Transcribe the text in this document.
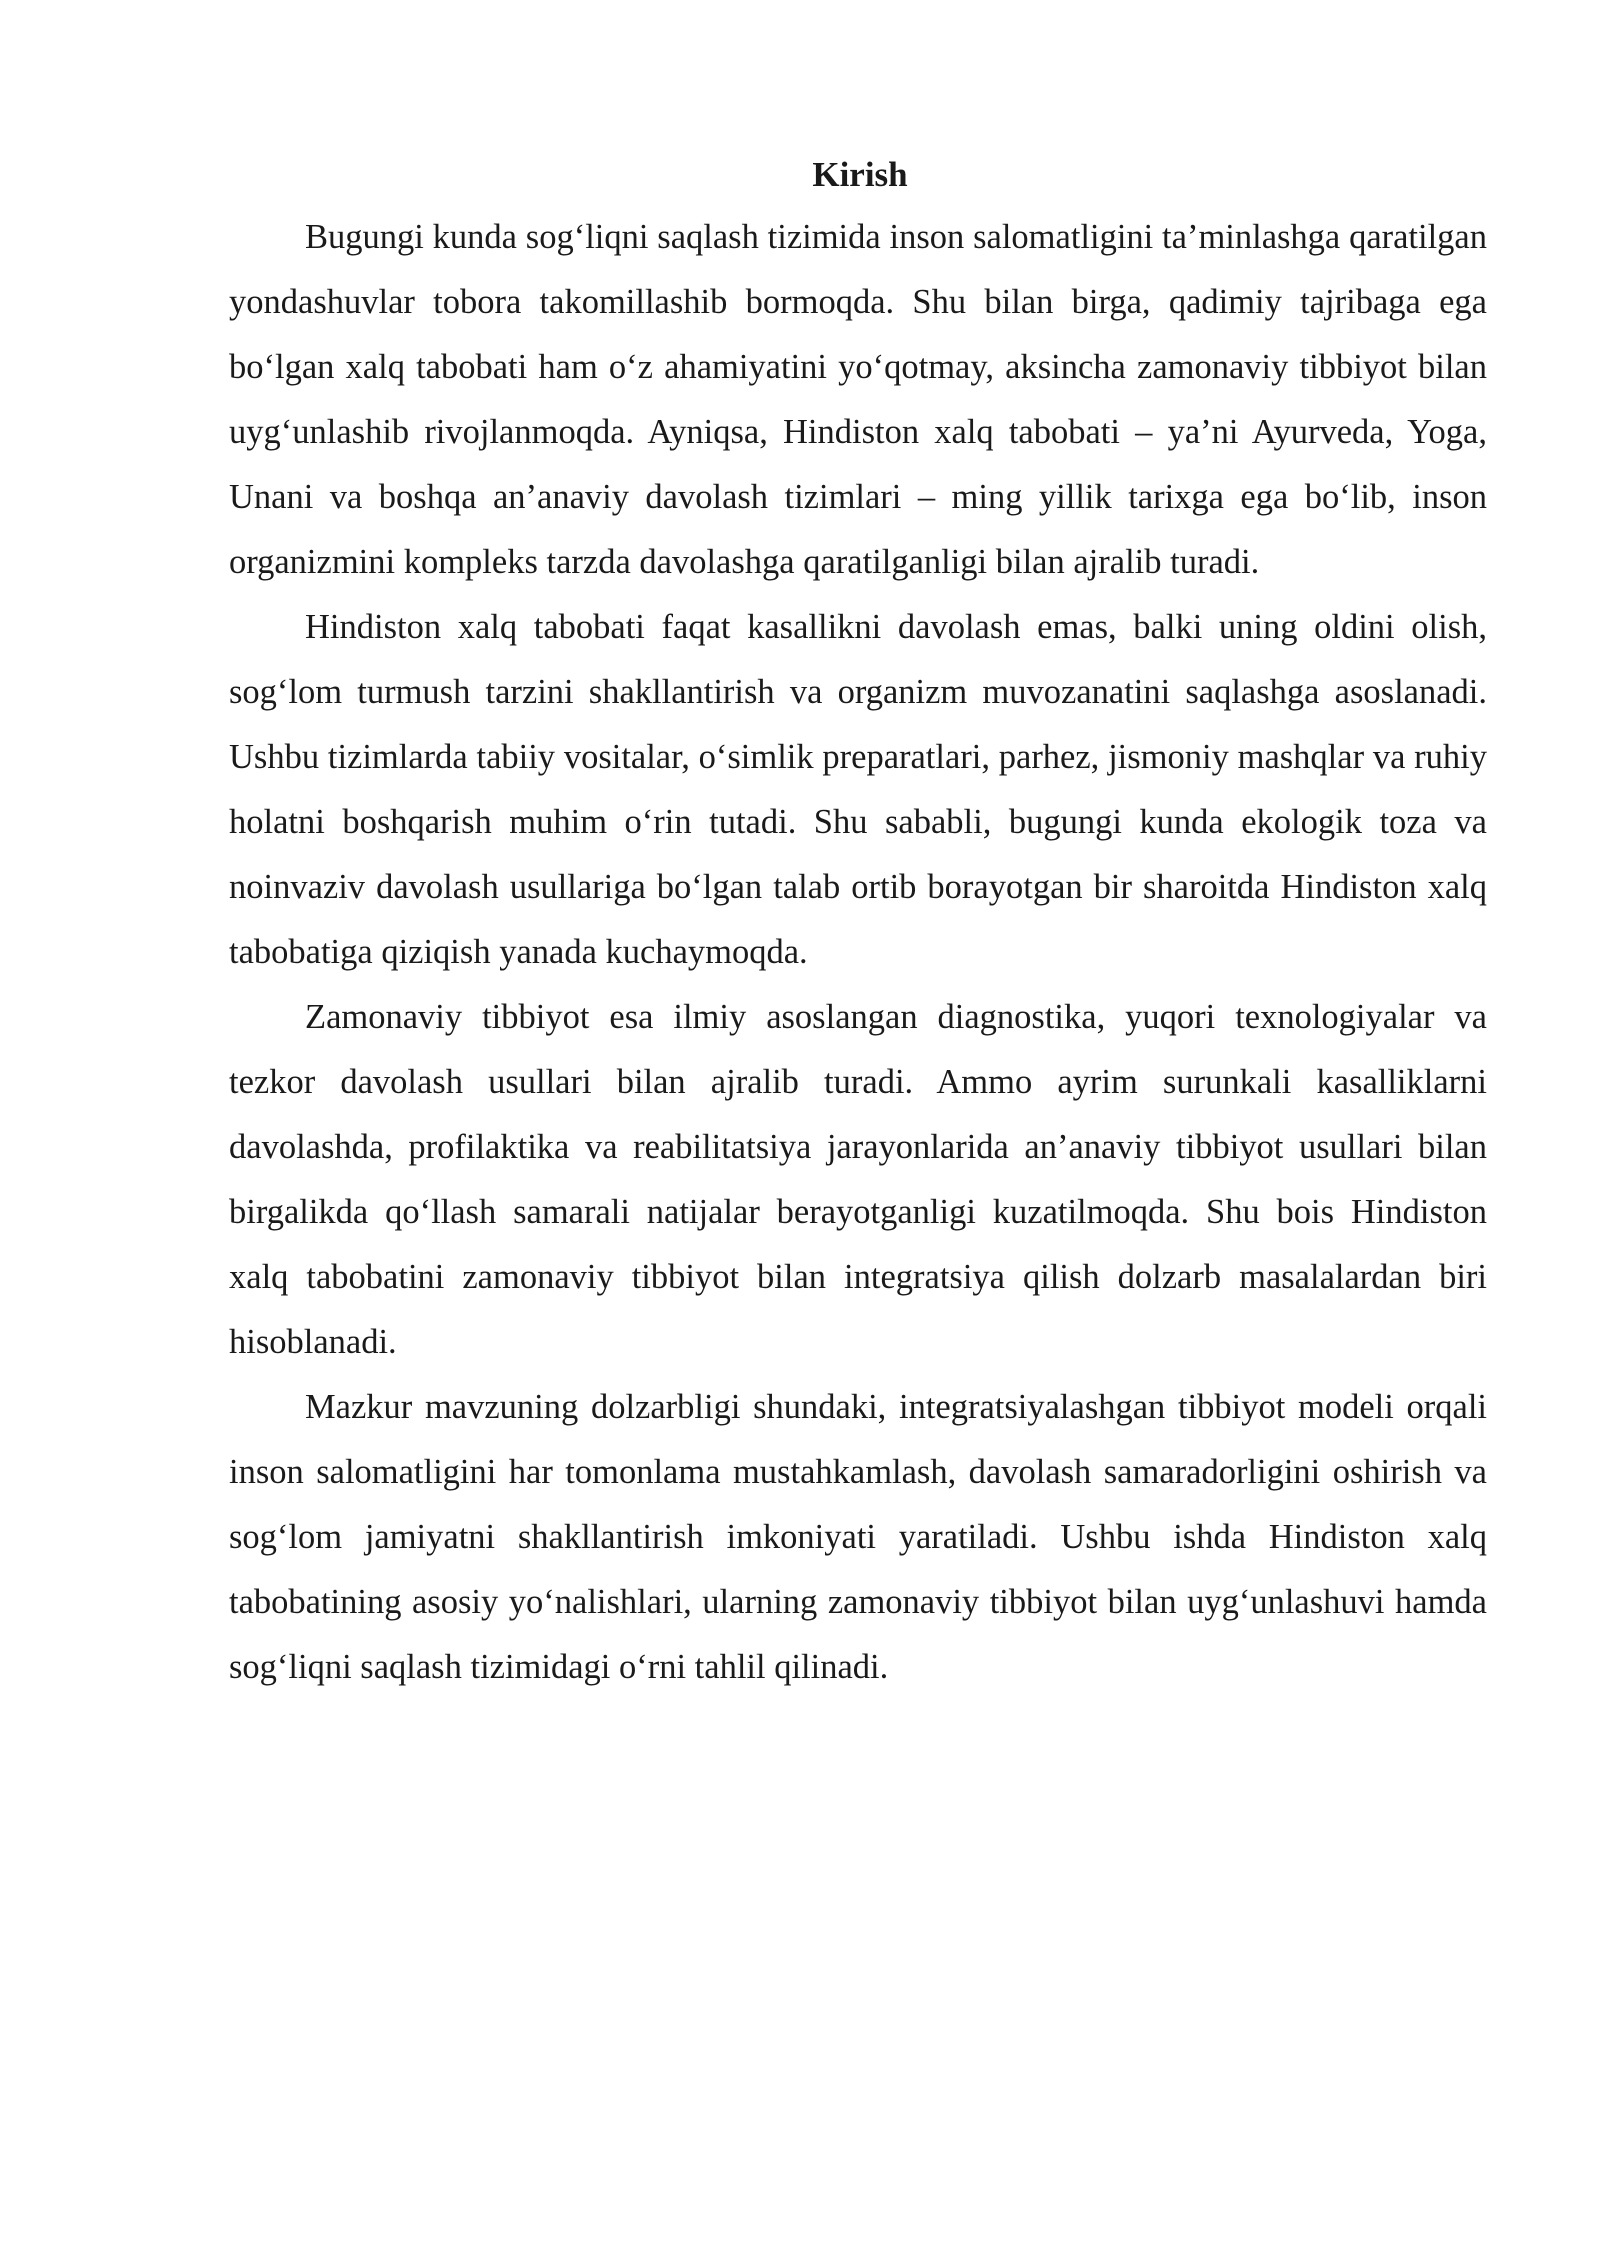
Kirish

Bugungi kunda sog‘liqni saqlash tizimida inson salomatligini ta’minlashga qaratilgan yondashuvlar tobora takomillashib bormoqda. Shu bilan birga, qadimiy tajribaga ega bo‘lgan xalq tabobati ham o‘z ahamiyatini yo‘qotmay, aksincha zamonaviy tibbiyot bilan uyg‘unlashib rivojlanmoqda. Ayniqsa, Hindiston xalq tabobati – ya’ni Ayurveda, Yoga, Unani va boshqa an’anaviy davolash tizimlari – ming yillik tarixga ega bo‘lib, inson organizmini kompleks tarzda davolashga qaratilganligi bilan ajralib turadi.

Hindiston xalq tabobati faqat kasallikni davolash emas, balki uning oldini olish, sog‘lom turmush tarzini shakllantirish va organizm muvozanatini saqlashga asoslanadi. Ushbu tizimlarda tabiiy vositalar, o‘simlik preparatlari, parhez, jismoniy mashqlar va ruhiy holatni boshqarish muhim o‘rin tutadi. Shu sababli, bugungi kunda ekologik toza va noinvaziv davolash usullariga bo‘lgan talab ortib borayotgan bir sharoitda Hindiston xalq tabobatiga qiziqish yanada kuchaymoqda.

Zamonaviy tibbiyot esa ilmiy asoslangan diagnostika, yuqori texnologiyalar va tezkor davolash usullari bilan ajralib turadi. Ammo ayrim surunkali kasalliklarni davolashda, profilaktika va reabilitatsiya jarayonlarida an’anaviy tibbiyot usullari bilan birgalikda qo‘llash samarali natijalar berayotganligi kuzatilmoqda. Shu bois Hindiston xalq tabobatini zamonaviy tibbiyot bilan integratsiya qilish dolzarb masalalardan biri hisoblanadi.

Mazkur mavzuning dolzarbligi shundaki, integratsiyalashgan tibbiyot modeli orqali inson salomatligini har tomonlama mustahkamlash, davolash samaradorligini oshirish va sog‘lom jamiyatni shakllantirish imkoniyati yaratiladi. Ushbu ishda Hindiston xalq tabobatining asosiy yo‘nalishlari, ularning zamonaviy tibbiyot bilan uyg‘unlashuvi hamda sog‘liqni saqlash tizimidagi o‘rni tahlil qilinadi.
